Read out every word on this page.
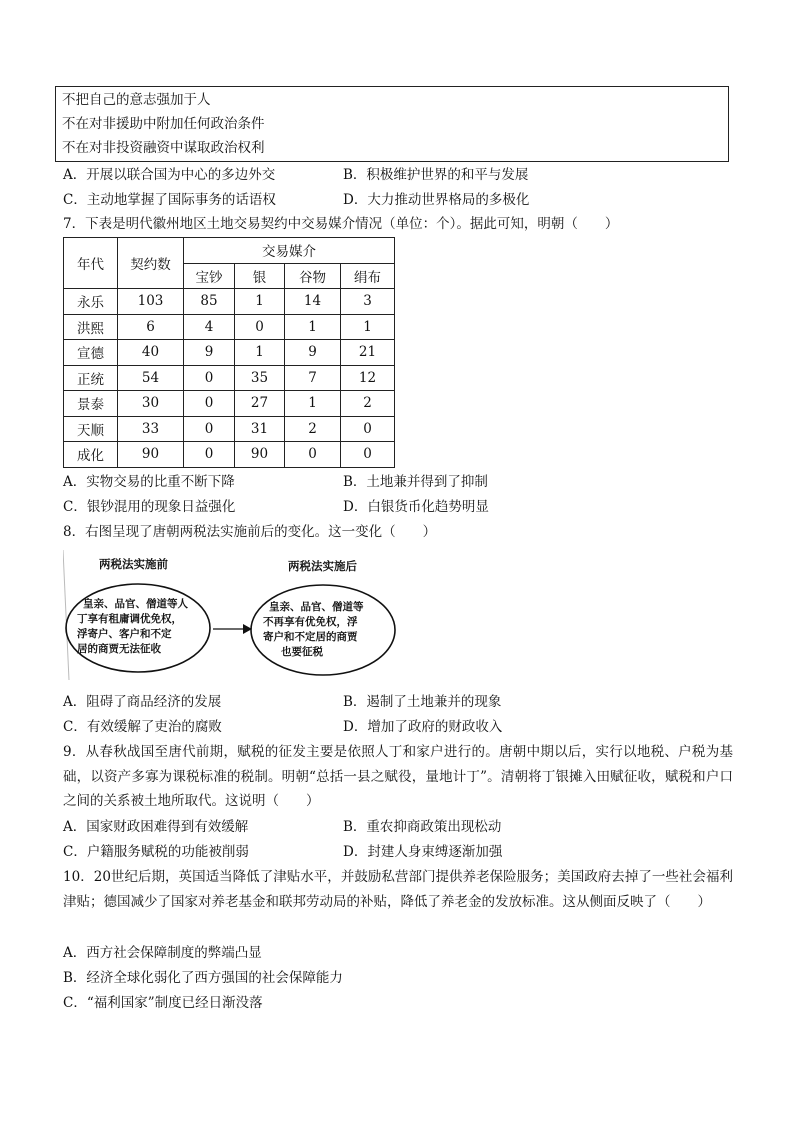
不把自己的意志强加于人
不在对非援助中附加任何政治条件
不在对非投资融资中谋取政治权利
A．开展以联合国为中心的多边外交	B．积极维护世界的和平与发展
C．主动地掌握了国际事务的话语权	D．大力推动世界格局的多极化
7．下表是明代徽州地区土地交易契约中交易媒介情况（单位：个）。据此可知，明朝（　　）
年代	契约数	交易媒介			
		宝钞	银	谷物	绢布
永乐	103	85	1	14	3
洪熙	6	4	0	1	1
宣德	40	9	1	9	21
正统	54	0	35	7	12
景泰	30	0	27	1	2
天顺	33	0	31	2	0
成化	90	0	90	0	0
A．实物交易的比重不断下降	B．土地兼并得到了抑制
C．银钞混用的现象日益强化	D．白银货币化趋势明显
8．右图呈现了唐朝两税法实施前后的变化。这一变化（　　）
两税法实施前	两税法实施后
皇亲、品官、僧道等人
丁享有租庸调优免权，
浮寄户、客户和不定
居的商贾无法征收
皇亲、品官、僧道等
不再享有优免权，浮
寄户和不定居的商贾
也要征税
A．阻碍了商品经济的发展	B．遏制了土地兼并的现象
C．有效缓解了吏治的腐败	D．增加了政府的财政收入
9．从春秋战国至唐代前期，赋税的征发主要是依照人丁和家户进行的。唐朝中期以后，实行以地税、户税为基础，以资产多寡为课税标准的税制。明朝“总括一县之赋役，量地计丁”。清朝将丁银摊入田赋征收，赋税和户口之间的关系被土地所取代。这说明（　　）
A．国家财政困难得到有效缓解	B．重农抑商政策出现松动
C．户籍服务赋税的功能被削弱	D．封建人身束缚逐渐加强
10．20世纪后期，英国适当降低了津贴水平，并鼓励私营部门提供养老保险服务；美国政府去掉了一些社会福利津贴；德国减少了国家对养老基金和联邦劳动局的补贴，降低了养老金的发放标准。这从侧面反映了（　　）
A．西方社会保障制度的弊端凸显
B．经济全球化弱化了西方强国的社会保障能力
C．“福利国家”制度已经日渐没落
